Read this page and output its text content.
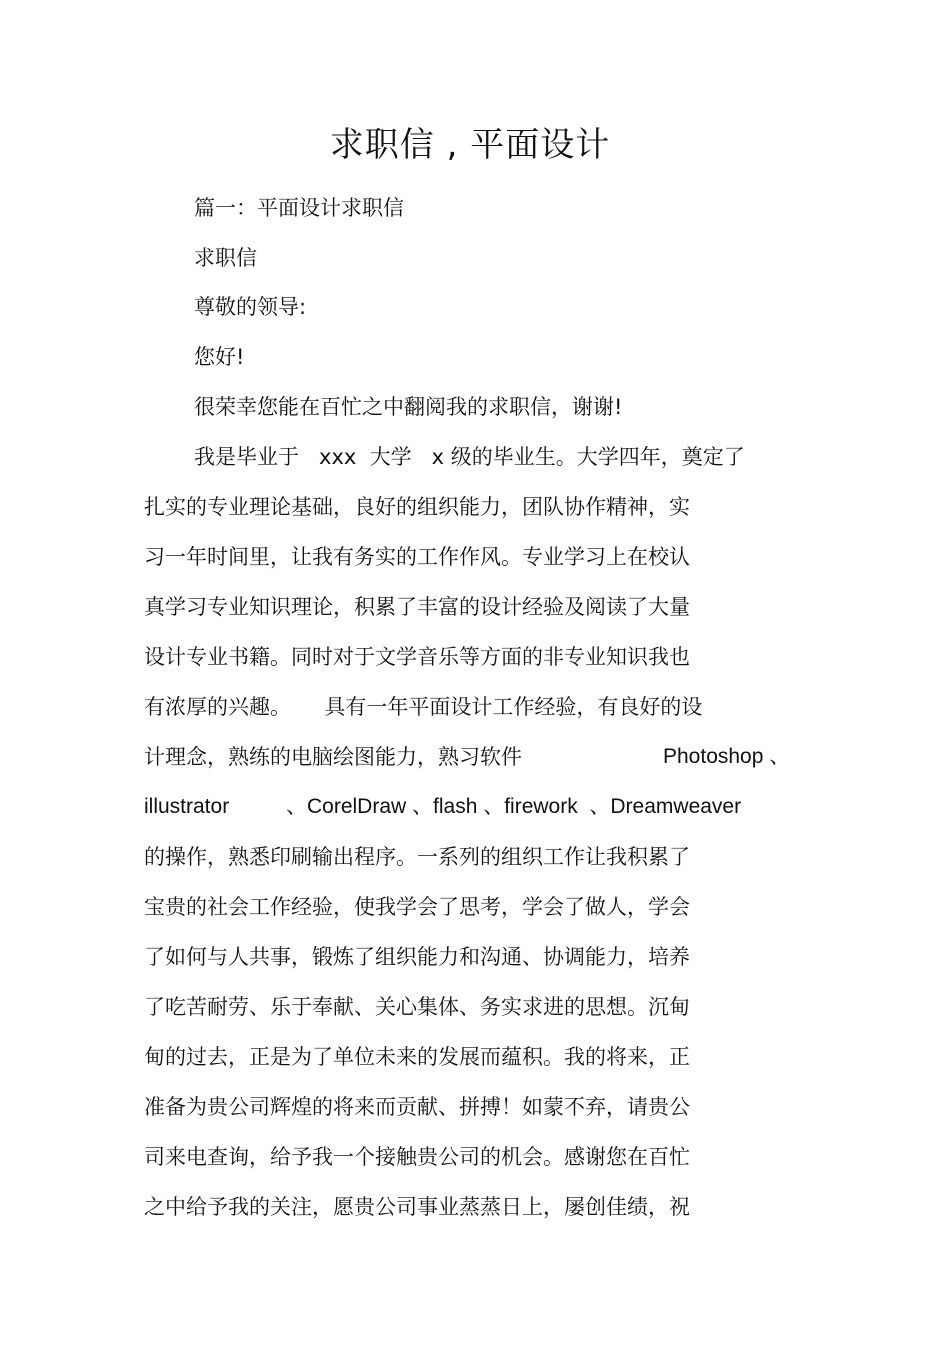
求职信 , 平面设计
篇一：平面设计求职信
求职信
尊敬的领导:
您好!
很荣幸您能在百忙之中翻阅我的求职信，谢谢!
我是毕业于   xxx  大学   x 级的毕业生。大学四年，奠定了
扎实的专业理论基础，良好的组织能力，团队协作精神，实
习一年时间里，让我有务实的工作作风。专业学习上在校认
真学习专业知识理论，积累了丰富的设计经验及阅读了大量
设计专业书籍。同时对于文学音乐等方面的非专业知识我也
有浓厚的兴趣。     具有一年平面设计工作经验，有良好的设
计理念，熟练的电脑绘图能力，熟习软件	Photoshop 、
illustrator	、CorelDraw 、flash 、firework  、Dreamweaver
的操作，熟悉印刷输出程序。一系列的组织工作让我积累了
宝贵的社会工作经验，使我学会了思考，学会了做人，学会
了如何与人共事，锻炼了组织能力和沟通、协调能力，培养
了吃苦耐劳、乐于奉献、关心集体、务实求进的思想。沉甸
甸的过去，正是为了单位未来的发展而蕴积。我的将来，正
准备为贵公司辉煌的将来而贡献、拼搏！如蒙不弃，请贵公
司来电查询，给予我一个接触贵公司的机会。感谢您在百忙
之中给予我的关注，愿贵公司事业蒸蒸日上，屡创佳绩，祝
